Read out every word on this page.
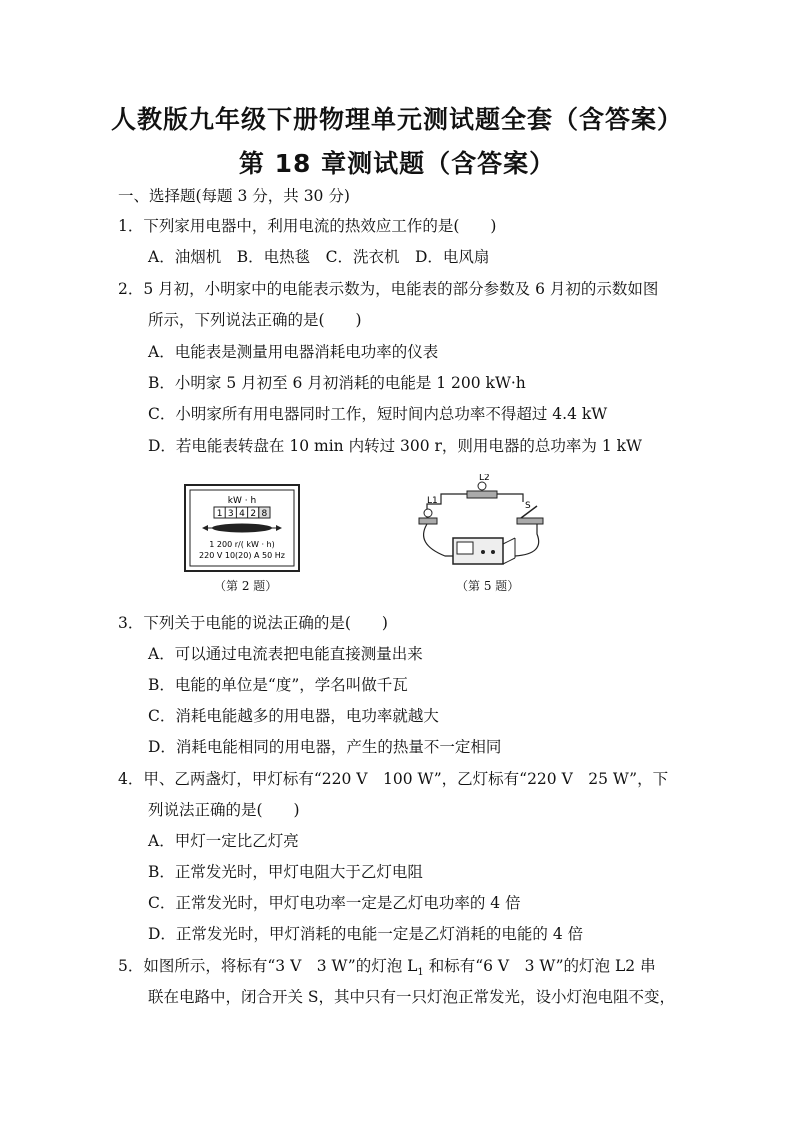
人教版九年级下册物理单元测试题全套（含答案）
第 18 章测试题（含答案）
一、选择题(每题 3 分，共 30 分)
1．下列家用电器中，利用电流的热效应工作的是(　　)
A．油烟机　B．电热毯　C．洗衣机　D．电风扇
2．5 月初，小明家中的电能表示数为，电能表的部分参数及 6 月初的示数如图
所示，下列说法正确的是(　　)
A．电能表是测量用电器消耗电功率的仪表
B．小明家 5 月初至 6 月初消耗的电能是 1 200 kW·h
C．小明家所有用电器同时工作，短时间内总功率不得超过 4.4 kW
D．若电能表转盘在 10 min 内转过 300 r，则用电器的总功率为 1 kW
kW · h
1 3 4 2 8
1 200 r/( kW · h)
220 V 10(20) A 50 Hz
（第 2 题）
L1
L2
S
（第 5 题）
3．下列关于电能的说法正确的是(　　)
A．可以通过电流表把电能直接测量出来
B．电能的单位是“度”，学名叫做千瓦
C．消耗电能越多的用电器，电功率就越大
D．消耗电能相同的用电器，产生的热量不一定相同
4．甲、乙两盏灯，甲灯标有“220 V　100 W”，乙灯标有“220 V　25 W”，下
列说法正确的是(　　)
A．甲灯一定比乙灯亮
B．正常发光时，甲灯电阻大于乙灯电阻
C．正常发光时，甲灯电功率一定是乙灯电功率的 4 倍
D．正常发光时，甲灯消耗的电能一定是乙灯消耗的电能的 4 倍
5．如图所示，将标有“3 V　3 W”的灯泡 $L_1$ 和标有“6 V　3 W”的灯泡 L2 串
联在电路中，闭合开关 S，其中只有一只灯泡正常发光，设小灯泡电阻不变，
